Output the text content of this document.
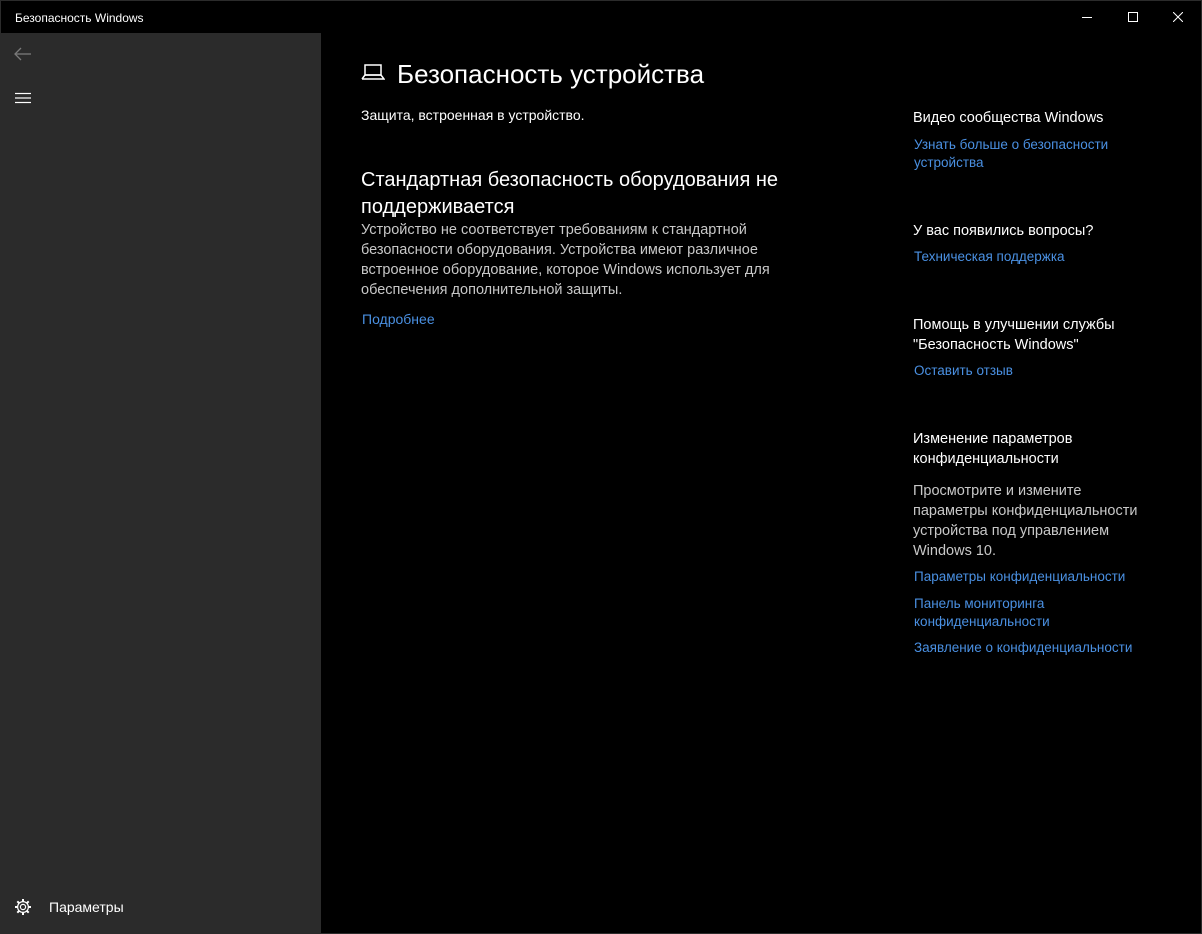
Безопасность Windows
Параметры
Безопасность устройства
Защита, встроенная в устройство.
Стандартная безопасность оборудования не поддерживается
Устройство не соответствует требованиям к стандартной безопасности оборудования. Устройства имеют различное встроенное оборудование, которое Windows использует для обеспечения дополнительной защиты.
Подробнее
Видео сообщества Windows
Узнать больше о безопасности устройства
У вас появились вопросы?
Техническая поддержка
Помощь в улучшении службы "Безопасность Windows"
Оставить отзыв
Изменение параметров конфиденциальности
Просмотрите и измените параметры конфиденциальности устройства под управлением Windows 10.
Параметры конфиденциальности
Панель мониторинга конфиденциальности
Заявление о конфиденциальности
